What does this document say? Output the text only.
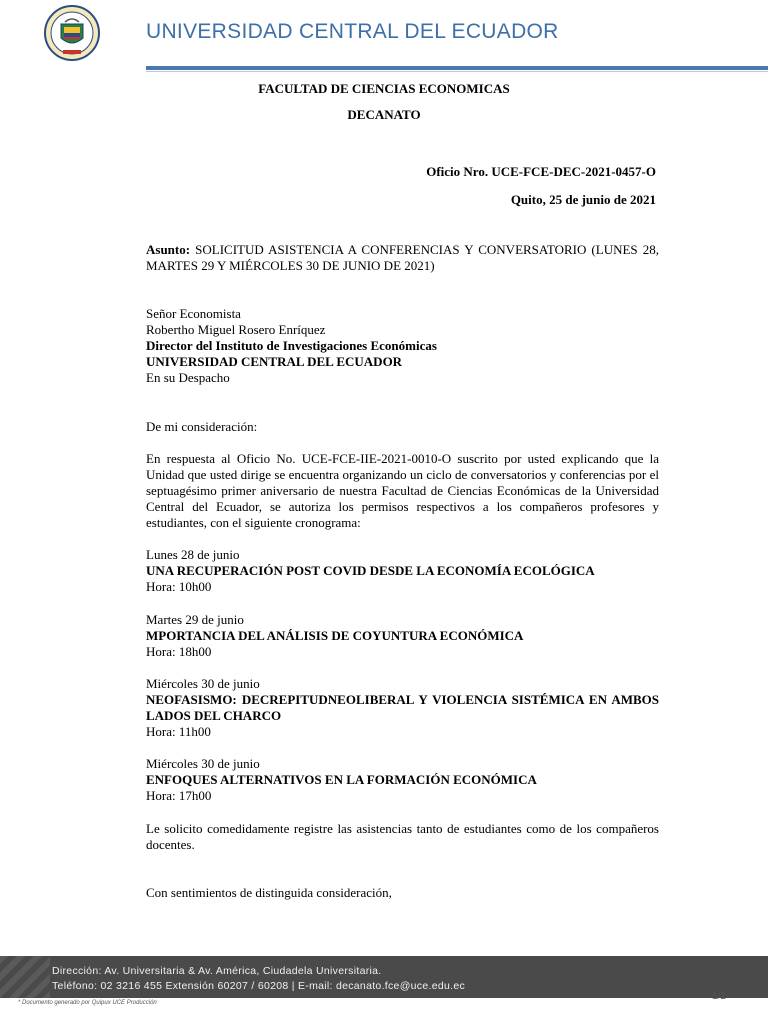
UNIVERSIDAD CENTRAL DEL ECUADOR
FACULTAD DE CIENCIAS ECONOMICAS
DECANATO
Oficio Nro. UCE-FCE-DEC-2021-0457-O
Quito, 25 de junio de 2021
Asunto: SOLICITUD ASISTENCIA A CONFERENCIAS Y CONVERSATORIO (LUNES 28, MARTES 29 Y MIÉRCOLES 30 DE JUNIO DE 2021)
Señor Economista
Robertho Miguel Rosero Enríquez
Director del Instituto de Investigaciones Económicas
UNIVERSIDAD CENTRAL DEL ECUADOR
En su Despacho
De mi consideración:
En respuesta al Oficio No. UCE-FCE-IIE-2021-0010-O suscrito por usted explicando que la Unidad que usted dirige se encuentra organizando un ciclo de conversatorios y conferencias por el septuagésimo primer aniversario de nuestra Facultad de Ciencias Económicas de la Universidad Central del Ecuador, se autoriza los permisos respectivos a los compañeros profesores y estudiantes, con el siguiente cronograma:
Lunes 28 de junio
UNA RECUPERACIÓN POST COVID DESDE LA ECONOMÍA ECOLÓGICA
Hora: 10h00
Martes 29 de junio
MPORTANCIA DEL ANÁLISIS DE COYUNTURA ECONÓMICA
Hora: 18h00
Miércoles 30 de junio
NEOFASISMO: DECREPITUDNEOLIBERAL Y VIOLENCIA SISTÉMICA EN AMBOS LADOS DEL CHARCO
Hora: 11h00
Miércoles 30 de junio
ENFOQUES ALTERNATIVOS EN LA FORMACIÓN ECONÓMICA
Hora: 17h00
Le solicito comedidamente registre las asistencias tanto de estudiantes como de los compañeros docentes.
Con sentimientos de distinguida consideración,
Dirección: Av. Universitaria & Av. América, Ciudadela Universitaria.
Teléfono: 02 3216 455 Extensión 60207 / 60208 | E-mail: decanato.fce@uce.edu.ec
* Documento generado por Quipux UCE Producción
1/2
